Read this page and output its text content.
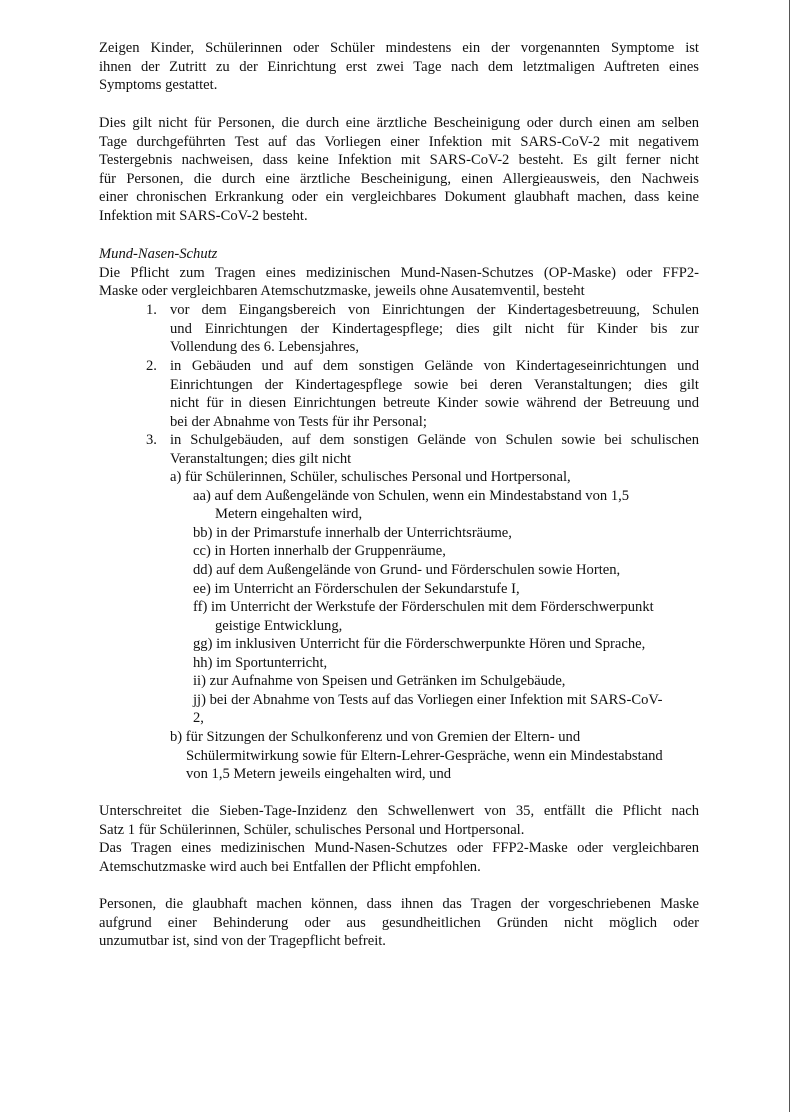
Zeigen Kinder, Schülerinnen oder Schüler mindestens ein der vorgenannten Symptome ist
ihnen der Zutritt zu der Einrichtung erst zwei Tage nach dem letztmaligen Auftreten eines
Symptoms gestattet.
Dies gilt nicht für Personen, die durch eine ärztliche Bescheinigung oder durch einen am selben
Tage durchgeführten Test auf das Vorliegen einer Infektion mit SARS-CoV-2 mit negativem
Testergebnis nachweisen, dass keine Infektion mit SARS-CoV-2 besteht. Es gilt ferner nicht
für Personen, die durch eine ärztliche Bescheinigung, einen Allergieausweis, den Nachweis
einer chronischen Erkrankung oder ein vergleichbares Dokument glaubhaft machen, dass keine
Infektion mit SARS-CoV-2 besteht.
Mund-Nasen-Schutz
Die Pflicht zum Tragen eines medizinischen Mund-Nasen-Schutzes (OP-Maske) oder FFP2-
Maske oder vergleichbaren Atemschutzmaske, jeweils ohne Ausatemventil, besteht
1. vor dem Eingangsbereich von Einrichtungen der Kindertagesbetreuung, Schulen
und Einrichtungen der Kindertagespflege; dies gilt nicht für Kinder bis zur
Vollendung des 6. Lebensjahres,
2. in Gebäuden und auf dem sonstigen Gelände von Kindertageseinrichtungen und
Einrichtungen der Kindertagespflege sowie bei deren Veranstaltungen; dies gilt
nicht für in diesen Einrichtungen betreute Kinder sowie während der Betreuung und
bei der Abnahme von Tests für ihr Personal;
3. in Schulgebäuden, auf dem sonstigen Gelände von Schulen sowie bei schulischen
Veranstaltungen; dies gilt nicht
a) für Schülerinnen, Schüler, schulisches Personal und Hortpersonal,
aa) auf dem Außengelände von Schulen, wenn ein Mindestabstand von 1,5
Metern eingehalten wird,
bb) in der Primarstufe innerhalb der Unterrichtsräume,
cc) in Horten innerhalb der Gruppenräume,
dd) auf dem Außengelände von Grund- und Förderschulen sowie Horten,
ee) im Unterricht an Förderschulen der Sekundarstufe I,
ff) im Unterricht der Werkstufe der Förderschulen mit dem Förderschwerpunkt
geistige Entwicklung,
gg) im inklusiven Unterricht für die Förderschwerpunkte Hören und Sprache,
hh) im Sportunterricht,
ii) zur Aufnahme von Speisen und Getränken im Schulgebäude,
jj) bei der Abnahme von Tests auf das Vorliegen einer Infektion mit SARS-CoV-
2,
b) für Sitzungen der Schulkonferenz und von Gremien der Eltern- und
Schülermitwirkung sowie für Eltern-Lehrer-Gespräche, wenn ein Mindestabstand
von 1,5 Metern jeweils eingehalten wird, und
Unterschreitet die Sieben-Tage-Inzidenz den Schwellenwert von 35, entfällt die Pflicht nach
Satz 1 für Schülerinnen, Schüler, schulisches Personal und Hortpersonal.
Das Tragen eines medizinischen Mund-Nasen-Schutzes oder FFP2-Maske oder vergleichbaren
Atemschutzmaske wird auch bei Entfallen der Pflicht empfohlen.
Personen, die glaubhaft machen können, dass ihnen das Tragen der vorgeschriebenen Maske
aufgrund einer Behinderung oder aus gesundheitlichen Gründen nicht möglich oder
unzumutbar ist, sind von der Tragepflicht befreit.
